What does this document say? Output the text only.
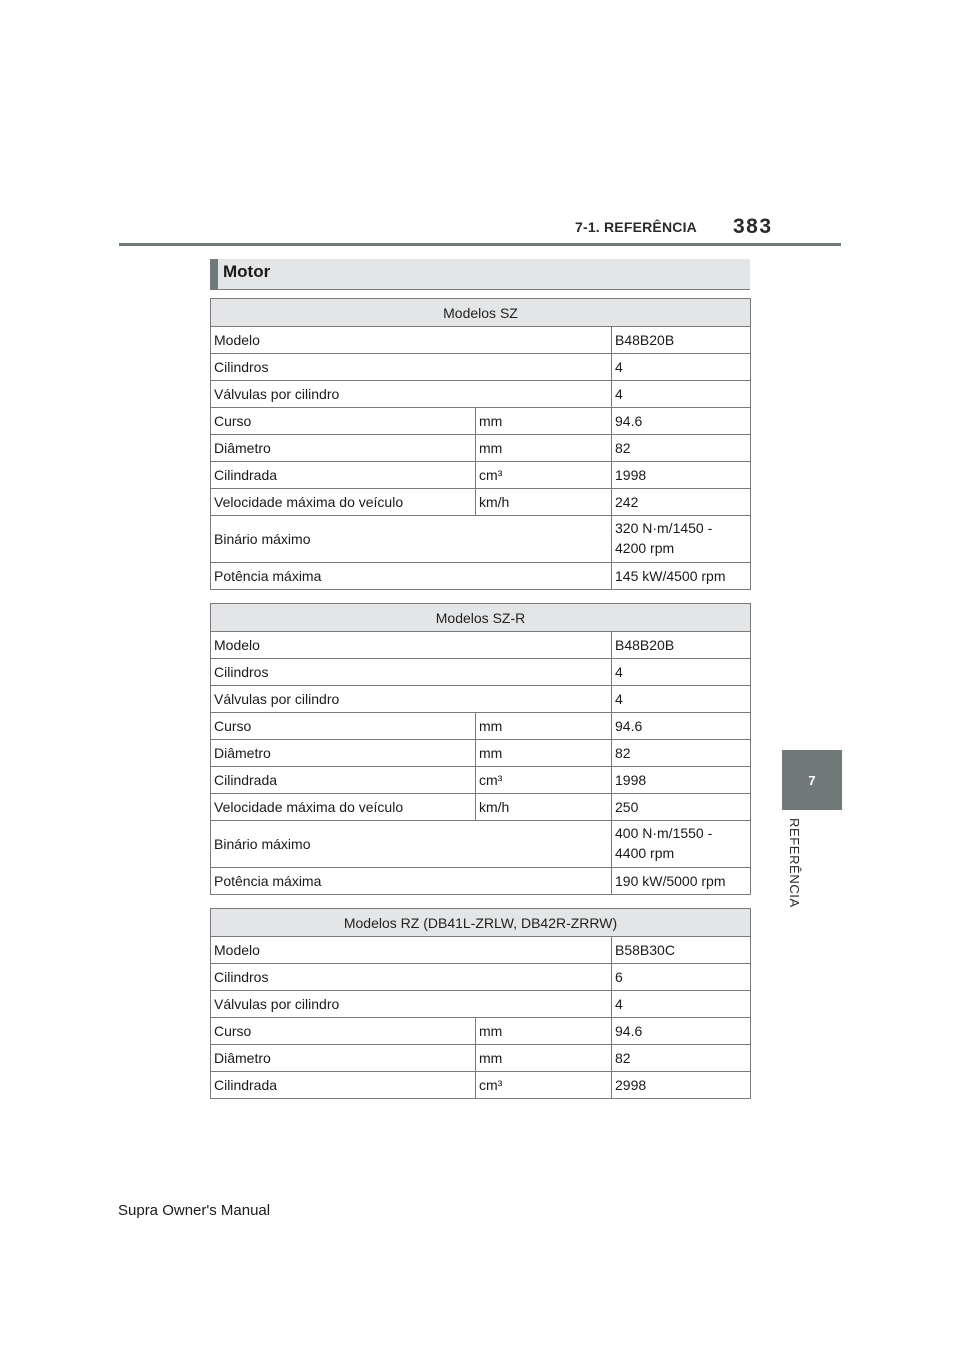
7-1. REFERÊNCIA 383
7
REFERÊNCIA
Motor
Modelos SZ		
Modelo		B48B20B
Cilindros		4
Válvulas por cilindro		4
Curso	mm	94.6
Diâmetro	mm	82
Cilindrada	cm³	1998
Velocidade máxima do veículo	km/h	242
Binário máximo		320 N·m/1450 -
4200 rpm

Potência máxima		145 kW/4500 rpm
Modelos SZ-R		
Modelo		B48B20B
Cilindros		4
Válvulas por cilindro		4
Curso	mm	94.6
Diâmetro	mm	82
Cilindrada	cm³	1998
Velocidade máxima do veículo	km/h	250
Binário máximo		400 N·m/1550 -
4400 rpm

Potência máxima		190 kW/5000 rpm
Modelos RZ (DB41L-ZRLW, DB42R-ZRRW)		
Modelo		B58B30C
Cilindros		6
Válvulas por cilindro		4
Curso	mm	94.6
Diâmetro	mm	82
Cilindrada	cm³	2998
Supra Owner's Manual
